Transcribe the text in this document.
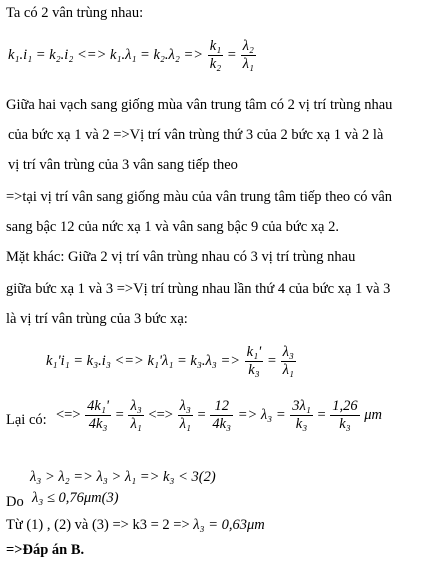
Ta có 2 vân trùng nhau:
k₁.i₁ = k₂.i₂ <=> $k_1.\lambda_1 = k_2.\lambda_2 => \frac{\text{k₁}}{\text{k₂}} = \frac{\text{λ₂}}{\text{λ₁}}$
Giữa hai vạch sang giống mùa vân trung tâm có 2 vị trí trùng nhau
của bức xạ 1 và 2 =>Vị trí vân trùng thứ 3 của 2 bức xạ 1 và 2 là
vị trí vân trùng của 3 vân sang tiếp theo
=>tại vị trí vân sang giống màu của vân trung tâm tiếp theo có vân
sang bậc 12 của nức xạ 1 và vân sang bậc 9 của bức xạ 2.
Mặt khác: Giữa 2 vị trí vân trùng nhau có 3 vị trí trùng nhau
giữa bức xạ 1 và 3 =>Vị trí trùng nhau lần thứ 4 của bức xạ 1 và 3
là vị trí vân trùng của 3 bức xạ:
k₁'i₁ = k₃.i₃ <=> $k_1'\lambda_1 = k_3.\lambda_3 => \frac{\text{k₁'}}{\text{k₃}} = \frac{\text{λ₃}}{\text{λ₁}}$
Lại có: <=> $\frac{\text{4k₁'}}{\text{4k₃}} = \frac{\text{λ₃}}{\text{λ₁}}$ <=> $\frac{\text{λ₃}}{\text{λ₁}} = \frac{12}{\text{4k₃}} => \lambda_3 = \frac{\text{3λ₁}}{\text{k₃}} = \frac{1,26}{\text{k₃}}$ μm
λ₃ > λ₂ => λ₃ > λ₁ => k₃ < 3(2)
Do λ₃ ≤ 0,76μm(3)
Từ (1) , (2) và (3) => k3 = 2 => λ₃ = 0,63μm
=>Đáp án B.
